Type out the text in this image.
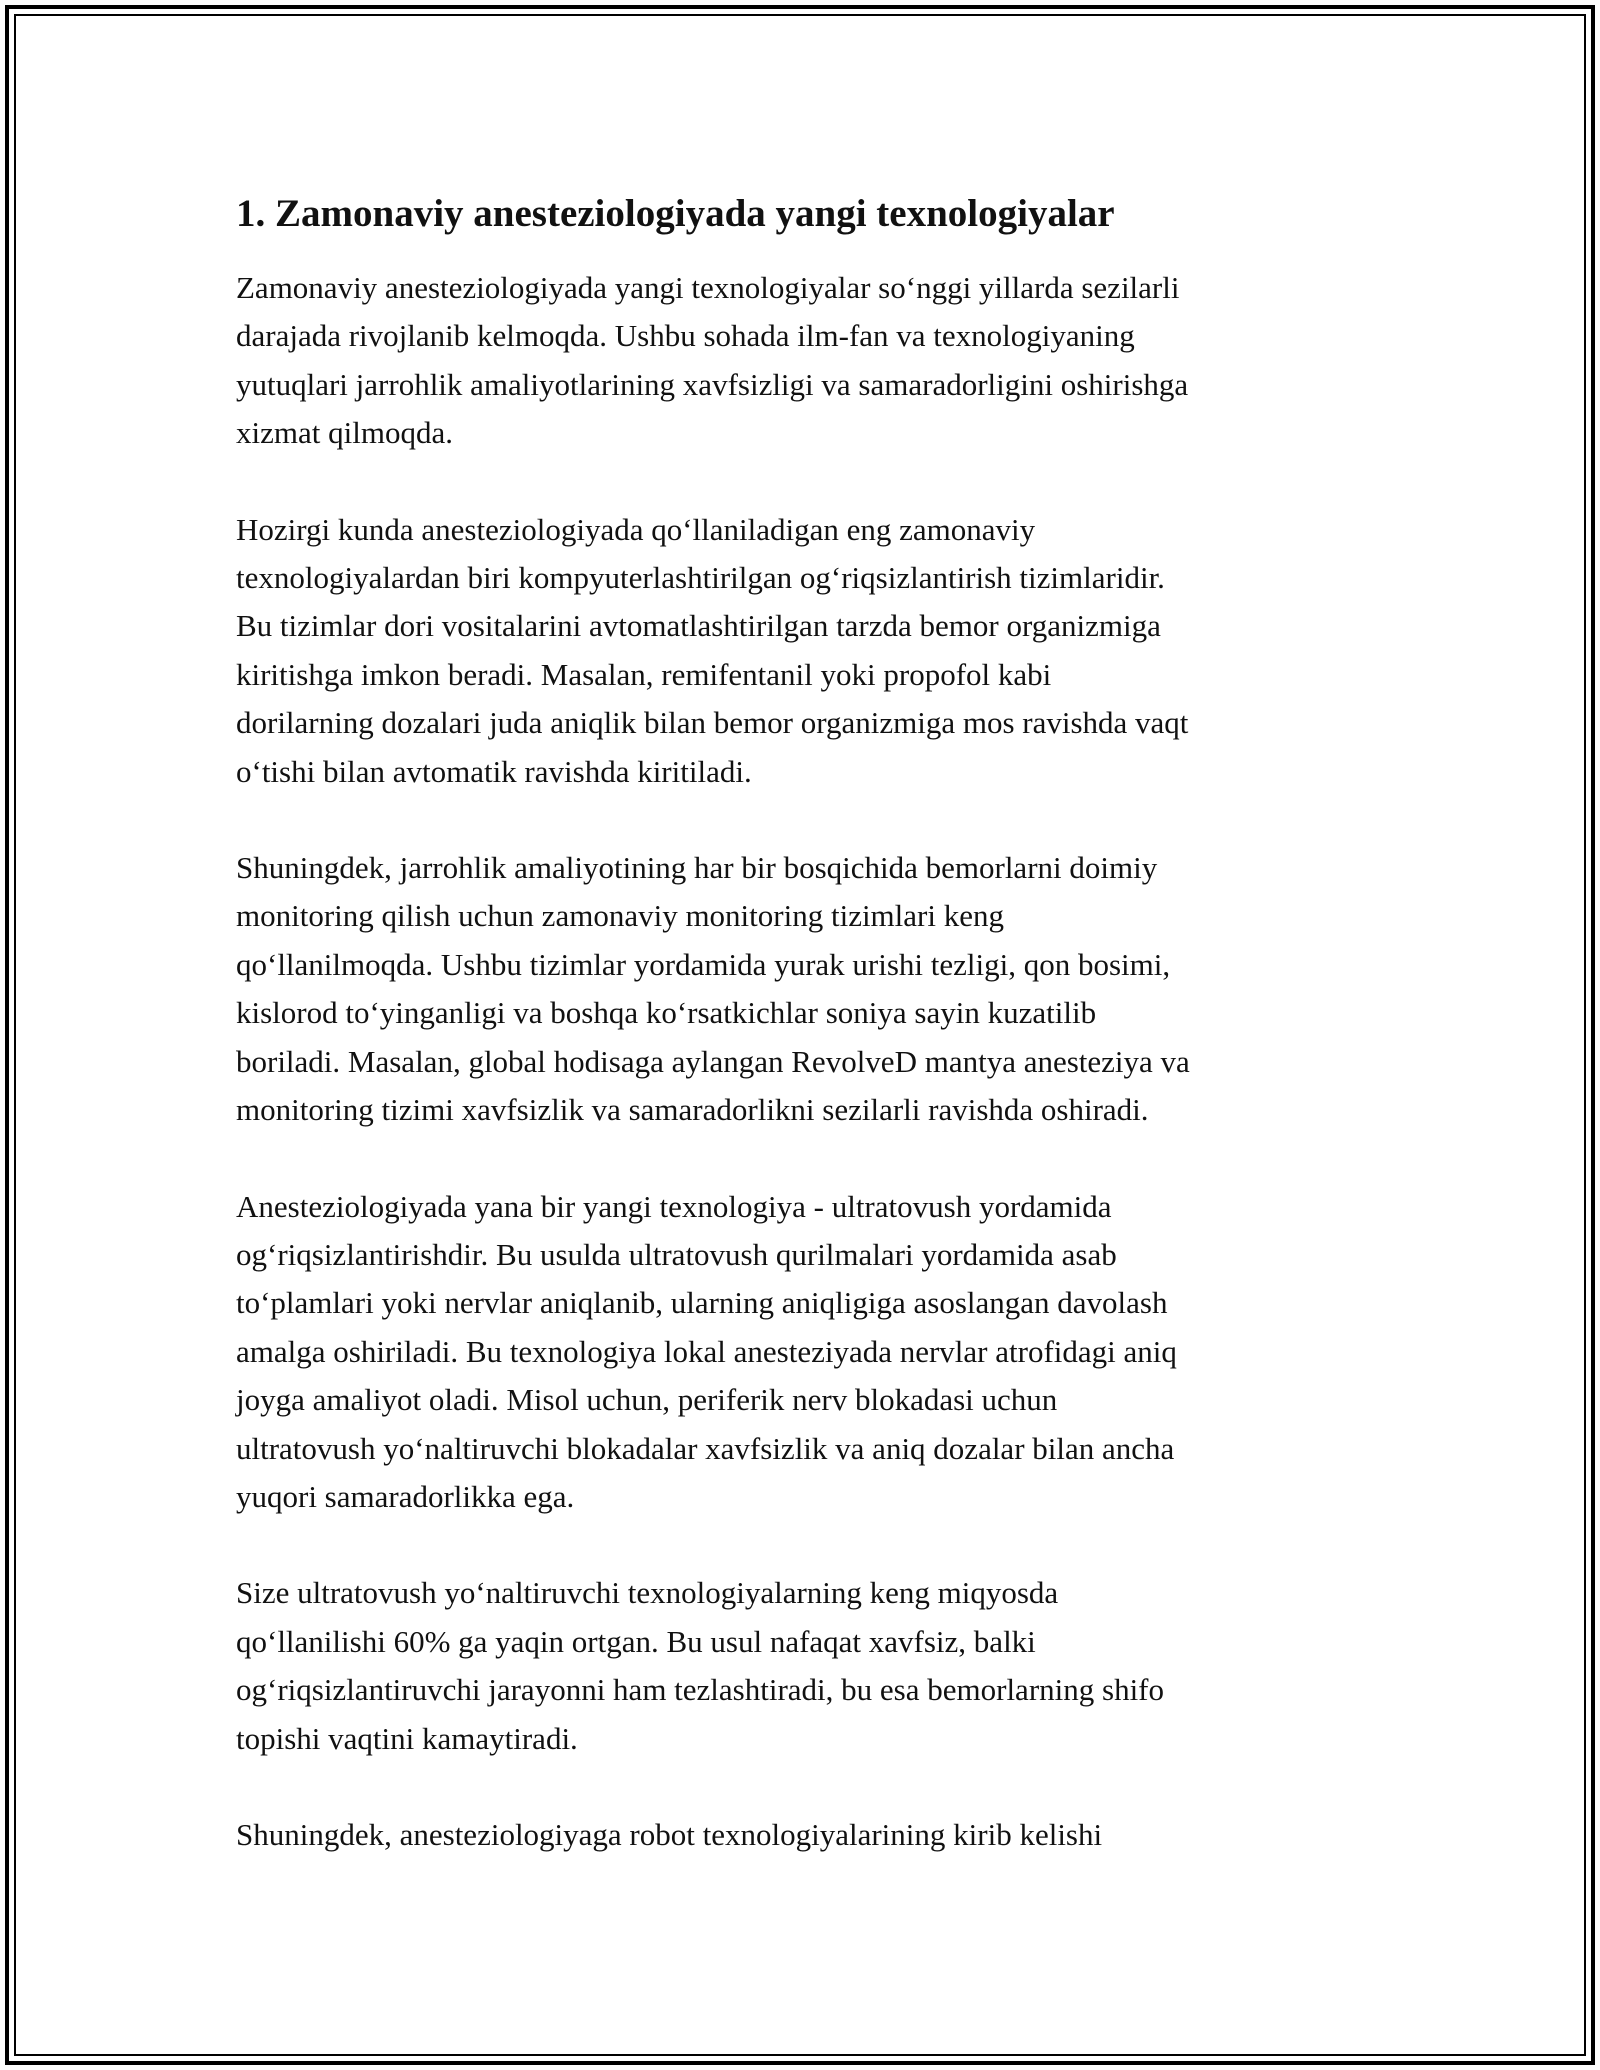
1. Zamonaviy anesteziologiyada yangi texnologiyalar

Zamonaviy anesteziologiyada yangi texnologiyalar so‘nggi yillarda sezilarli
darajada rivojlanib kelmoqda. Ushbu sohada ilm-fan va texnologiyaning
yutuqlari jarrohlik amaliyotlarining xavfsizligi va samaradorligini oshirishga
xizmat qilmoqda.

Hozirgi kunda anesteziologiyada qo‘llaniladigan eng zamonaviy
texnologiyalardan biri kompyuterlashtirilgan og‘riqsizlantirish tizimlaridir.
Bu tizimlar dori vositalarini avtomatlashtirilgan tarzda bemor organizmiga
kiritishga imkon beradi. Masalan, remifentanil yoki propofol kabi
dorilarning dozalari juda aniqlik bilan bemor organizmiga mos ravishda vaqt
o‘tishi bilan avtomatik ravishda kiritiladi.

Shuningdek, jarrohlik amaliyotining har bir bosqichida bemorlarni doimiy
monitoring qilish uchun zamonaviy monitoring tizimlari keng
qo‘llanilmoqda. Ushbu tizimlar yordamida yurak urishi tezligi, qon bosimi,
kislorod to‘yinganligi va boshqa ko‘rsatkichlar soniya sayin kuzatilib
boriladi. Masalan, global hodisaga aylangan RevolveD mantya anesteziya va
monitoring tizimi xavfsizlik va samaradorlikni sezilarli ravishda oshiradi.

Anesteziologiyada yana bir yangi texnologiya - ultratovush yordamida
og‘riqsizlantirishdir. Bu usulda ultratovush qurilmalari yordamida asab
to‘plamlari yoki nervlar aniqlanib, ularning aniqligiga asoslangan davolash
amalga oshiriladi. Bu texnologiya lokal anesteziyada nervlar atrofidagi aniq
joyga amaliyot oladi. Misol uchun, periferik nerv blokadasi uchun
ultratovush yo‘naltiruvchi blokadalar xavfsizlik va aniq dozalar bilan ancha
yuqori samaradorlikka ega.

Size ultratovush yo‘naltiruvchi texnologiyalarning keng miqyosda
qo‘llanilishi 60% ga yaqin ortgan. Bu usul nafaqat xavfsiz, balki
og‘riqsizlantiruvchi jarayonni ham tezlashtiradi, bu esa bemorlarning shifo
topishi vaqtini kamaytiradi.

Shuningdek, anesteziologiyaga robot texnologiyalarining kirib kelishi
